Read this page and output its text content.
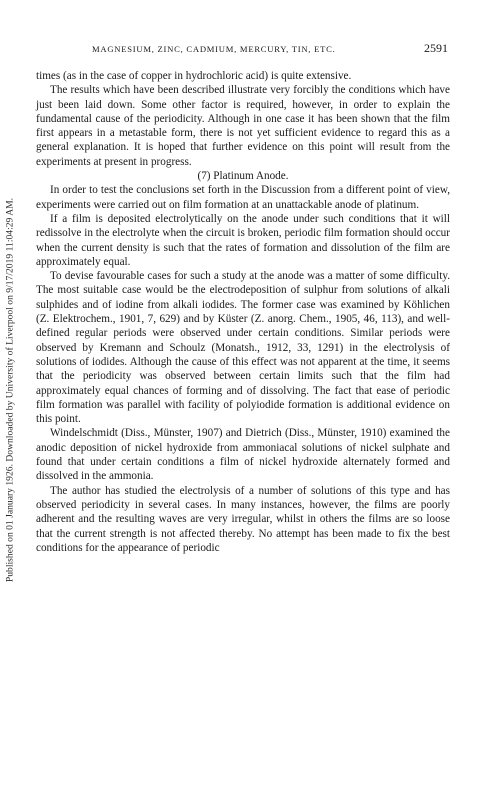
Published on 01 January 1926. Downloaded by University of Liverpool on 9/17/2019 11:04:29 AM.
MAGNESIUM, ZINC, CADMIUM, MERCURY, TIN, ETC.	2591

times (as in the case of copper in hydrochloric acid) is quite extensive.

The results which have been described illustrate very forcibly the conditions which have just been laid down. Some other factor is required, however, in order to explain the fundamental cause of the periodicity. Although in one case it has been shown that the film first appears in a metastable form, there is not yet sufficient evidence to regard this as a general explanation. It is hoped that further evidence on this point will result from the experiments at present in progress.

(7) Platinum Anode.

In order to test the conclusions set forth in the Discussion from a different point of view, experiments were carried out on film formation at an unattackable anode of platinum.

If a film is deposited electrolytically on the anode under such conditions that it will redissolve in the electrolyte when the circuit is broken, periodic film formation should occur when the current density is such that the rates of formation and dissolution of the film are approximately equal.

To devise favourable cases for such a study at the anode was a matter of some difficulty. The most suitable case would be the electrodeposition of sulphur from solutions of alkali sulphides and of iodine from alkali iodides. The former case was examined by Köhlichen (Z. Elektrochem., 1901, 7, 629) and by Küster (Z. anorg. Chem., 1905, 46, 113), and well-defined regular periods were observed under certain conditions. Similar periods were observed by Kremann and Schoulz (Monatsh., 1912, 33, 1291) in the electrolysis of solutions of iodides. Although the cause of this effect was not apparent at the time, it seems that the periodicity was observed between certain limits such that the film had approximately equal chances of forming and of dissolving. The fact that ease of periodic film formation was parallel with facility of polyiodide formation is additional evidence on this point.

Windelschmidt (Diss., Münster, 1907) and Dietrich (Diss., Münster, 1910) examined the anodic deposition of nickel hydroxide from ammoniacal solutions of nickel sulphate and found that under certain conditions a film of nickel hydroxide alternately formed and dissolved in the ammonia.

The author has studied the electrolysis of a number of solutions of this type and has observed periodicity in several cases. In many instances, however, the films are poorly adherent and the resulting waves are very irregular, whilst in others the films are so loose that the current strength is not affected thereby. No attempt has been made to fix the best conditions for the appearance of periodic
